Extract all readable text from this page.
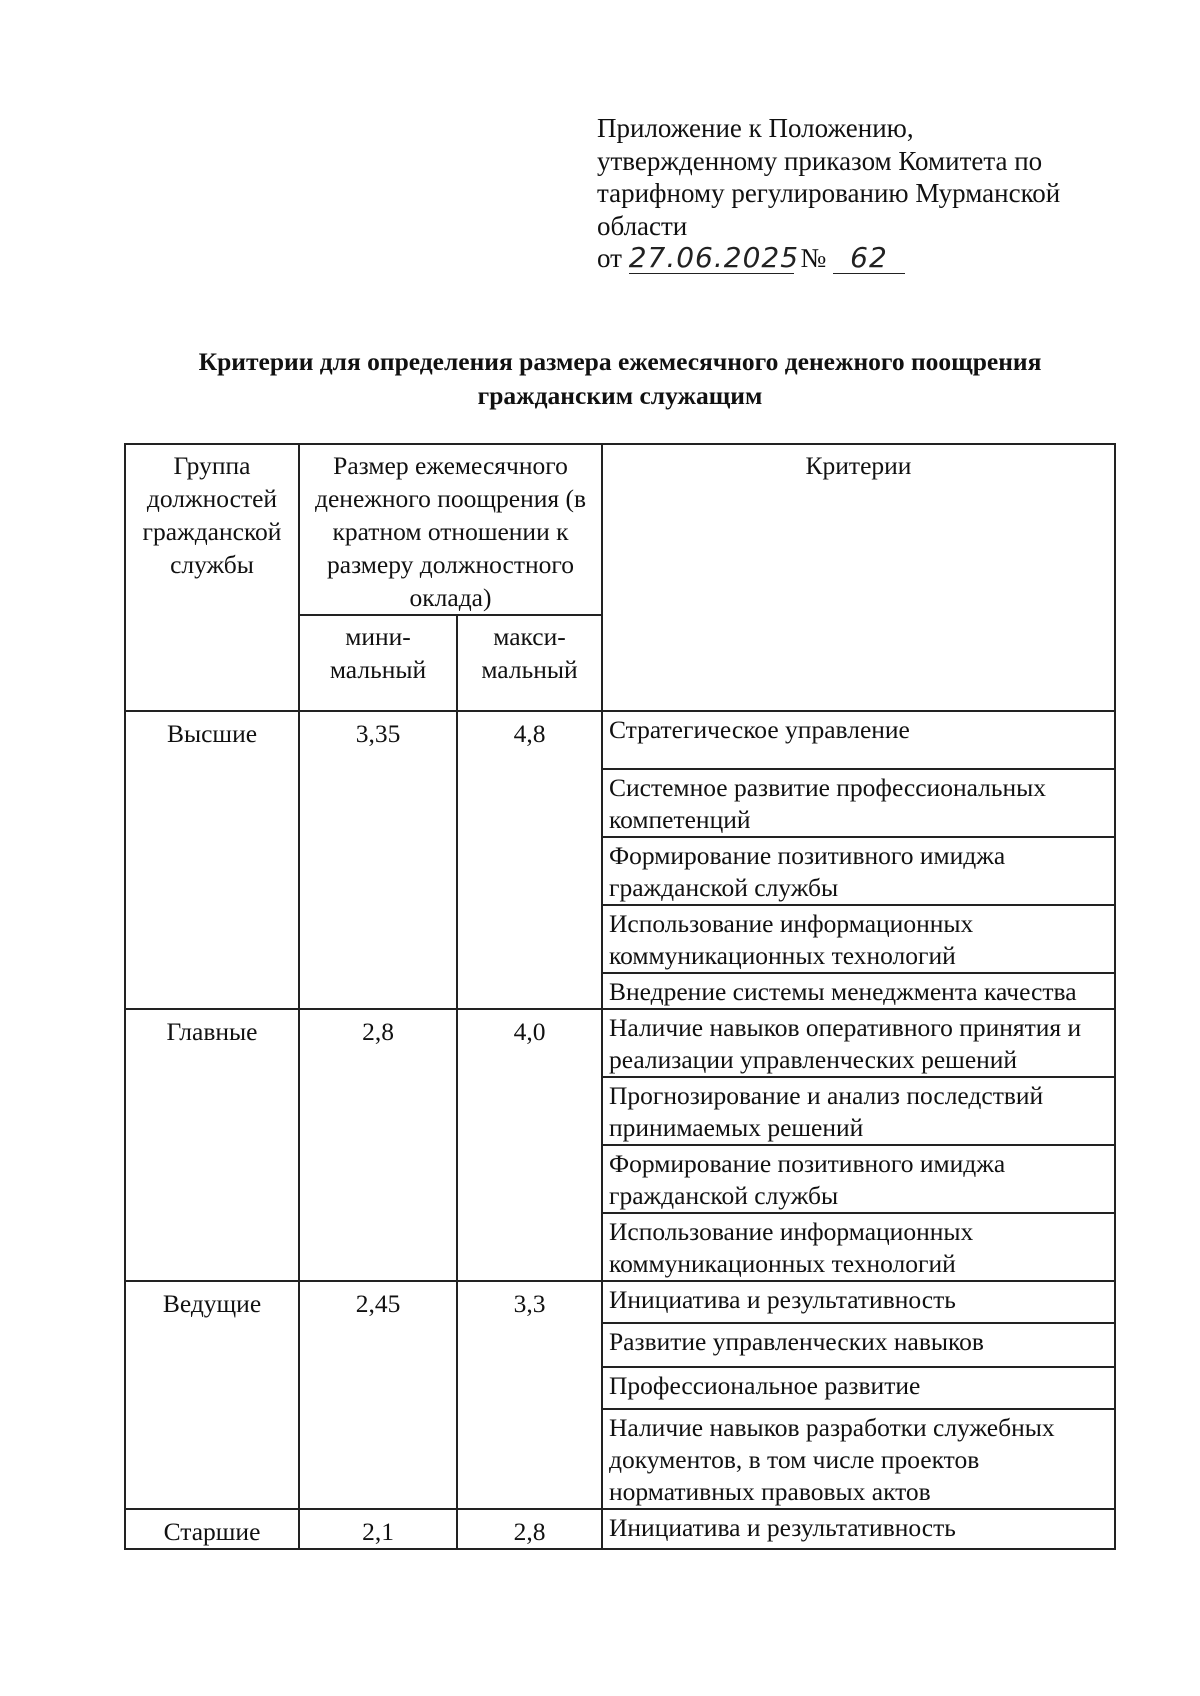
Приложение к Положению,
утвержденному приказом Комитета по
тарифному регулированию Мурманской
области
от 27.06.2025 № 62
Критерии для определения размера ежемесячного денежного поощрения
гражданским служащим
Группа должностей гражданской службы	Размер ежемесячного денежного поощрения (в кратном отношении к размеру должностного оклада)		Критерии
	мини-мальный	макси-мальный	
Высшие	3,35	4,8	Стратегическое управление
			Системное развитие профессиональных компетенций
			Формирование позитивного имиджа гражданской службы
			Использование информационных коммуникационных технологий
			Внедрение системы менеджмента качества
Главные	2,8	4,0	Наличие навыков оперативного принятия и реализации управленческих решений
			Прогнозирование и анализ последствий принимаемых решений
			Формирование позитивного имиджа гражданской службы
			Использование информационных коммуникационных технологий
Ведущие	2,45	3,3	Инициатива и результативность
			Развитие управленческих навыков
			Профессиональное развитие
			Наличие навыков разработки служебных документов, в том числе проектов нормативных правовых актов
Старшие	2,1	2,8	Инициатива и результативность
